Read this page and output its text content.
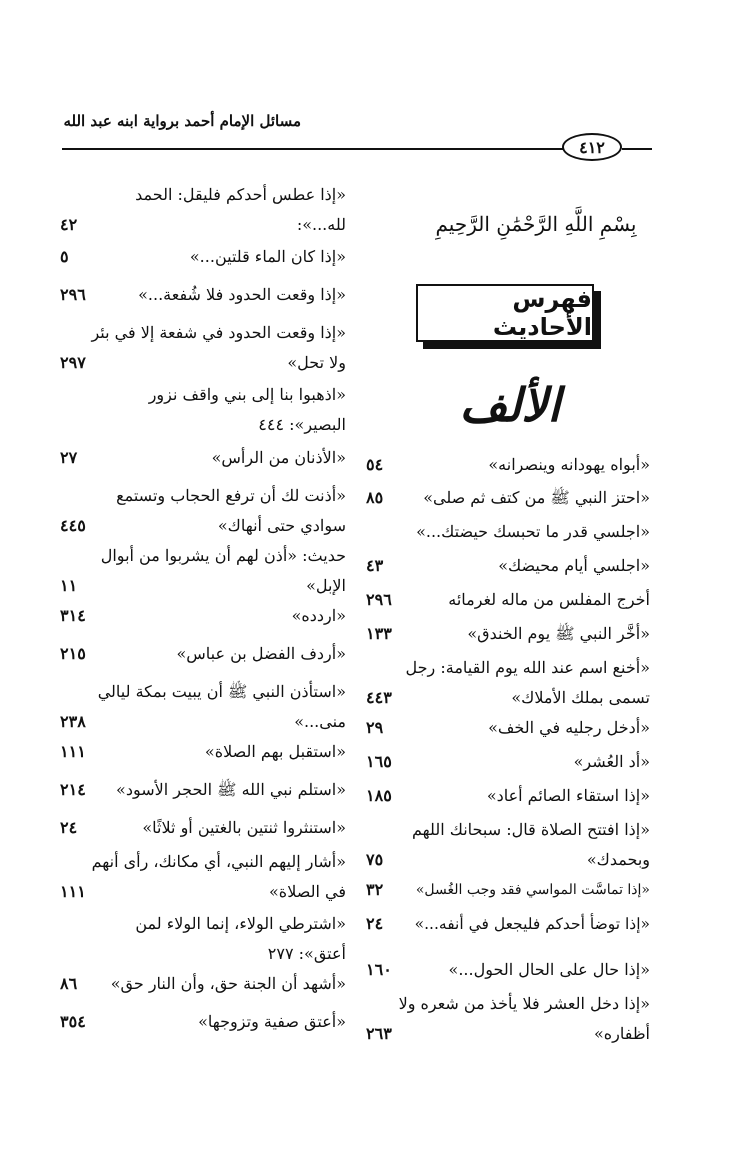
مسائل الإمام أحمد برواية ابنه عبد الله
٤١٢
بِسْمِ اللَّهِ الرَّحْمَٰنِ الرَّحِيمِ
فهرس الأحاديث
الألف
«أبواه يهودانه وينصرانه»
٥٤
«احتز النبي ﷺ من كتف ثم صلى»
٨٥
«اجلسي قدر ما تحبسك حيضتك...»
«اجلسي أيام محيضك»
٤٣
أخرج المفلس من ماله لغرمائه
٢٩٦
«أخَّر النبي ﷺ يوم الخندق»
١٣٣
«أخنع اسم عند الله يوم القيامة: رجل
تسمى بملك الأملاك»
٤٤٣
«أدخل رجليه في الخف»
٢٩
«أد العُشر»
١٦٥
«إذا استقاء الصائم أعاد»
١٨٥
«إذا افتتح الصلاة قال: سبحانك اللهم
وبحمدك»
٧٥
«إذا تماسَّت المواسي فقد وجب الغُسل»
٣٢
«إذا توضأ أحدكم فليجعل في أنفه...»
٢٤
«إذا حال على الحال الحول...»
١٦٠
«إذا دخل العشر فلا يأخذ من شعره ولا
أظفاره»
٢٦٣
«إذا عطس أحدكم فليقل: الحمد
لله...»:
٤٢
«إذا كان الماء قلتين...»
٥
«إذا وقعت الحدود فلا شُفعة...»
٢٩٦
«إذا وقعت الحدود في شفعة إلا في بئر
ولا تحل»
٢٩٧
«اذهبوا بنا إلى بني واقف نزور
البصير»: ٤٤٤
«الأذنان من الرأس»
٢٧
«أذنت لك أن ترفع الحجاب وتستمع
سوادي حتى أنهاك»
٤٤٥
حديث: «أذن لهم أن يشربوا من أبوال
الإبل»
١١
«اردده»
٣١٤
«أردف الفضل بن عباس»
٢١٥
«استأذن النبي ﷺ أن يبيت بمكة ليالي
منى...»
٢٣٨
«استقبل بهم الصلاة»
١١١
«استلم نبي الله ﷺ الحجر الأسود»
٢١٤
«استنثروا ثنتين بالغتين أو ثلاثًا»
٢٤
«أشار إليهم النبي، أي مكانك، رأى أنهم
في الصلاة»
١١١
«اشترطي الولاء، إنما الولاء لمن
أعتق»: ٢٧٧
«أشهد أن الجنة حق، وأن النار حق»
٨٦
«أعتق صفية وتزوجها»
٣٥٤
